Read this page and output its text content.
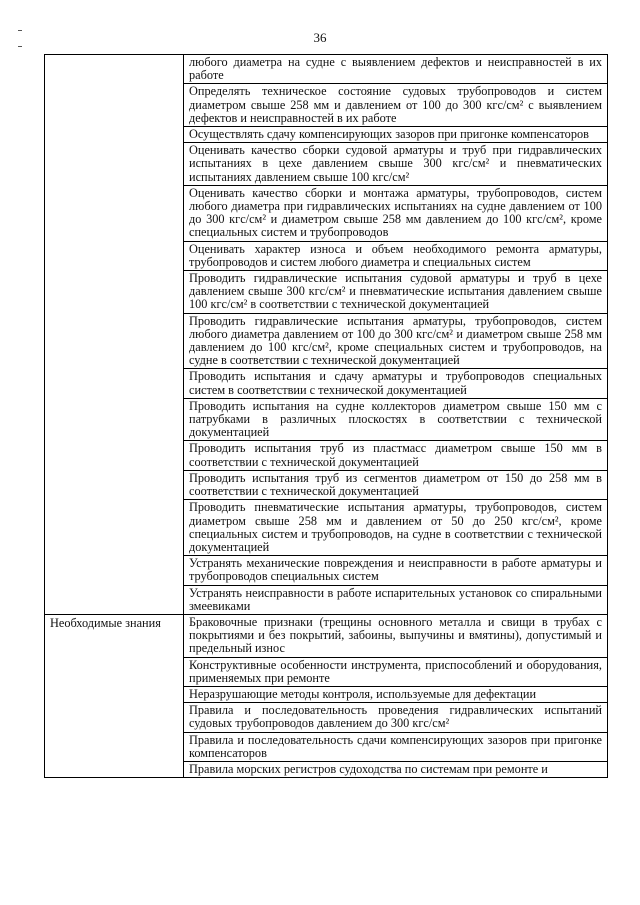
36
	любого диаметра на судне с выявлением дефектов и неисправностей в их работе
	Определять техническое состояние судовых трубопроводов и систем диаметром свыше 258 мм и давлением от 100 до 300 кгс/см² с выявлением дефектов и неисправностей в их работе
	Осуществлять сдачу компенсирующих зазоров при пригонке компенсаторов
	Оценивать качество сборки судовой арматуры и труб при гидравлических испытаниях в цехе давлением свыше 300 кгс/см² и пневматических испытаниях давлением свыше 100 кгс/см²
	Оценивать качество сборки и монтажа арматуры, трубопроводов, систем любого диаметра при гидравлических испытаниях на судне давлением от 100 до 300 кгс/см² и диаметром свыше 258 мм давлением до 100 кгс/см², кроме специальных систем и трубопроводов
	Оценивать характер износа и объем необходимого ремонта арматуры, трубопроводов и систем любого диаметра и специальных систем
	Проводить гидравлические испытания судовой арматуры и труб в цехе давлением свыше 300 кгс/см² и пневматические испытания давлением свыше 100 кгс/см² в соответствии с технической документацией
	Проводить гидравлические испытания арматуры, трубопроводов, систем любого диаметра давлением от 100 до 300 кгс/см² и диаметром свыше 258 мм давлением до 100 кгс/см², кроме специальных систем и трубопроводов, на судне в соответствии с технической документацией
	Проводить испытания и сдачу арматуры и трубопроводов специальных систем в соответствии с технической документацией
	Проводить испытания на судне коллекторов диаметром свыше 150 мм с патрубками в различных плоскостях в соответствии с технической документацией
	Проводить испытания труб из пластмасс диаметром свыше 150 мм в соответствии с технической документацией
	Проводить испытания труб из сегментов диаметром от 150 до 258 мм в соответствии с технической документацией
	Проводить пневматические испытания арматуры, трубопроводов, систем диаметром свыше 258 мм и давлением от 50 до 250 кгс/см², кроме специальных систем и трубопроводов, на судне в соответствии с технической документацией
	Устранять механические повреждения и неисправности в работе арматуры и трубопроводов специальных систем
	Устранять неисправности в работе испарительных установок со спиральными змеевиками
Необходимые знания	Браковочные признаки (трещины основного металла и свищи в трубах с покрытиями и без покрытий, забоины, выпучины и вмятины), допустимый и предельный износ
	Конструктивные особенности инструмента, приспособлений и оборудования, применяемых при ремонте
	Неразрушающие методы контроля, используемые для дефектации
	Правила и последовательность проведения гидравлических испытаний судовых трубопроводов давлением до 300 кгс/см²
	Правила и последовательность сдачи компенсирующих зазоров при пригонке компенсаторов
	Правила морских регистров судоходства по системам при ремонте и
